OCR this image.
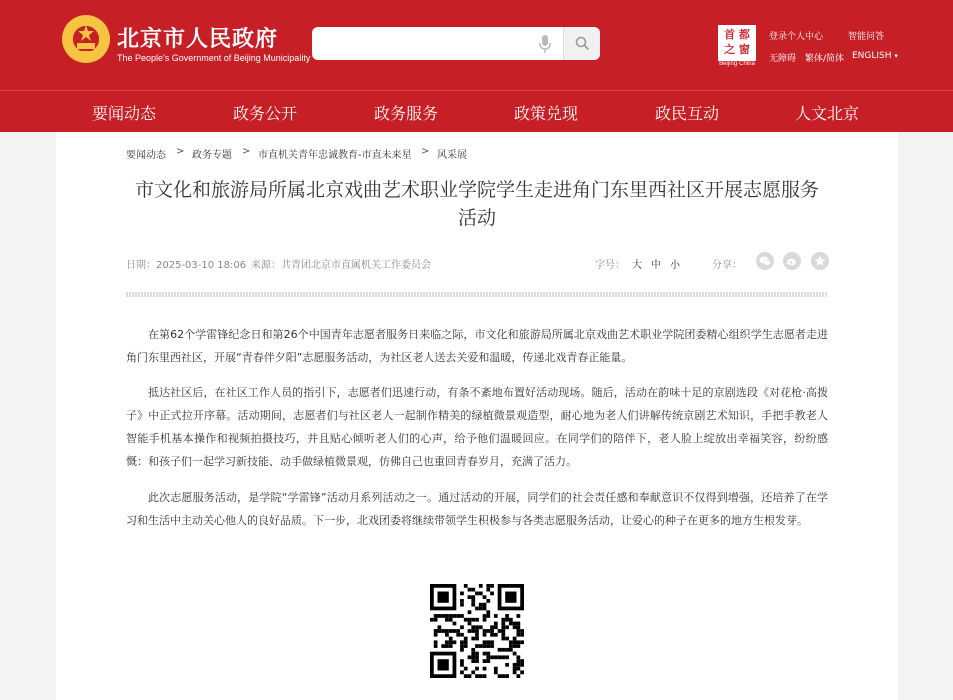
北京市人民政府
The People's Government of Beijing Municipality
首 都
之 窗
Beijing·China
登录个人中心	智能问答
无障碍 繁体/简体 ENGLISH ▾
要闻动态	政务公开	政务服务	政策兑现	政民互动	人文北京
要闻动态 > 政务专题 > 市直机关青年忠诚教育-市直未来星 > 风采展
市文化和旅游局所属北京戏曲艺术职业学院学生走进角门东里西社区开展志愿服务活动
日期：2025-03-10 18:06 来源：共青团北京市直属机关工作委员会	字号： 大 中 小	分享：
在第62个学雷锋纪念日和第26个中国青年志愿者服务日来临之际，市文化和旅游局所属北京戏曲艺术职业学院团委精心组织学生志愿者走进角门东里西社区，开展“青春伴夕阳”志愿服务活动，为社区老人送去关爱和温暖，传递北戏青春正能量。
抵达社区后，在社区工作人员的指引下，志愿者们迅速行动，有条不紊地布置好活动现场。随后，活动在韵味十足的京剧选段《对花枪·高拨子》中正式拉开序幕。活动期间，志愿者们与社区老人一起制作精美的绿植微景观造型，耐心地为老人们讲解传统京剧艺术知识，手把手教老人智能手机基本操作和视频拍摄技巧，并且贴心倾听老人们的心声，给予他们温暖回应。在同学们的陪伴下，老人脸上绽放出幸福笑容，纷纷感慨：和孩子们一起学习新技能、动手做绿植微景观，仿佛自己也重回青春岁月，充满了活力。
此次志愿服务活动，是学院“学雷锋”活动月系列活动之一。通过活动的开展，同学们的社会责任感和奉献意识不仅得到增强，还培养了在学习和生活中主动关心他人的良好品质。下一步，北戏团委将继续带领学生积极参与各类志愿服务活动，让爱心的种子在更多的地方生根发芽。
